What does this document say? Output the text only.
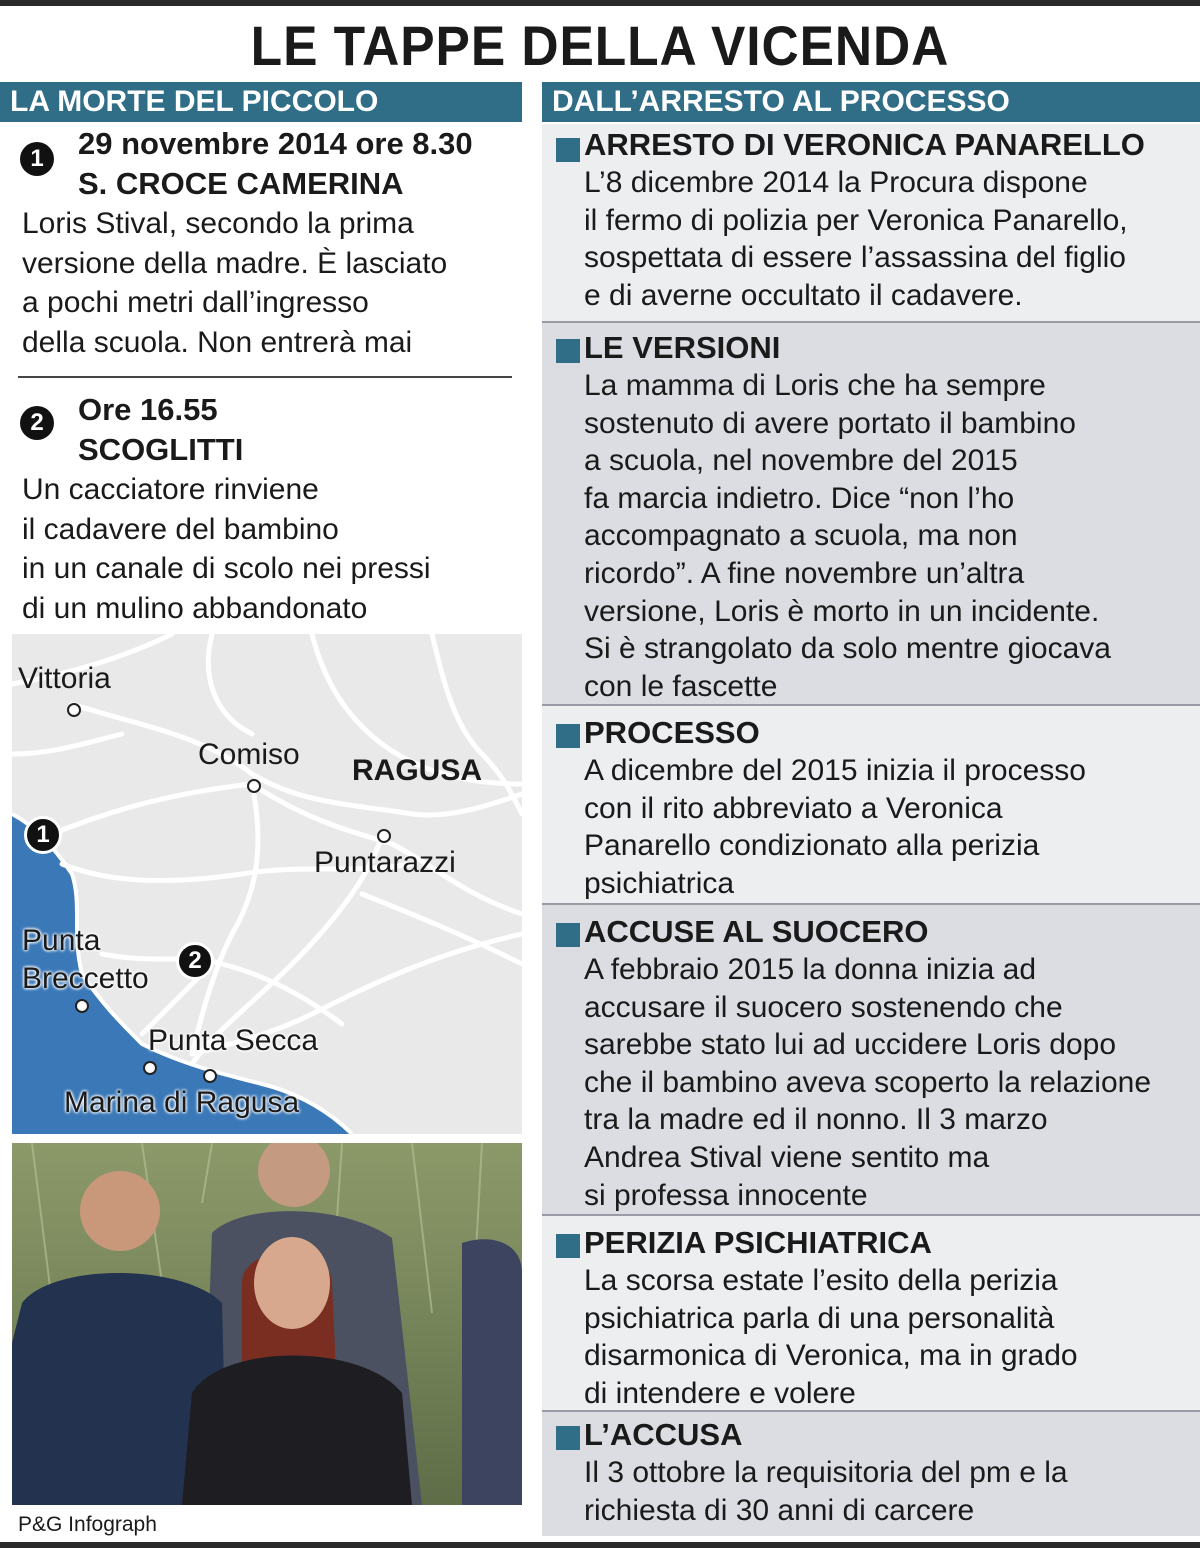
LE TAPPE DELLA VICENDA
LA MORTE DEL PICCOLO	DALL’ARRESTO AL PROCESSO
1	29 novembre 2014 ore 8.30
S. CROCE CAMERINA
Loris Stival, secondo la prima
versione della madre. È lasciato
a pochi metri dall’ingresso
della scuola. Non entrerà mai
2	Ore 16.55
SCOGLITTI
Un cacciatore rinviene
il cadavere del bambino
in un canale di scolo nei pressi
di un mulino abbandonato
Vittoria
Comiso RAGUSA
Puntarazzi
Punta
Breccetto
Punta Secca
Marina di Ragusa
1
2
P&G Infograph
ARRESTO DI VERONICA PANARELLO
L’8 dicembre 2014 la Procura dispone
il fermo di polizia per Veronica Panarello,
sospettata di essere l’assassina del figlio
e di averne occultato il cadavere.
LE VERSIONI
La mamma di Loris che ha sempre
sostenuto di avere portato il bambino
a scuola, nel novembre del 2015
fa marcia indietro. Dice “non l’ho
accompagnato a scuola, ma non
ricordo”. A fine novembre un’altra
versione, Loris è morto in un incidente.
Si è strangolato da solo mentre giocava
con le fascette
PROCESSO
A dicembre del 2015 inizia il processo
con il rito abbreviato a Veronica
Panarello condizionato alla perizia
psichiatrica
ACCUSE AL SUOCERO
A febbraio 2015 la donna inizia ad
accusare il suocero sostenendo che
sarebbe stato lui ad uccidere Loris dopo
che il bambino aveva scoperto la relazione
tra la madre ed il nonno. Il 3 marzo
Andrea Stival viene sentito ma
si professa innocente
PERIZIA PSICHIATRICA
La scorsa estate l’esito della perizia
psichiatrica parla di una personalità
disarmonica di Veronica, ma in grado
di intendere e volere
L’ACCUSA
Il 3 ottobre la requisitoria del pm e la
richiesta di 30 anni di carcere
